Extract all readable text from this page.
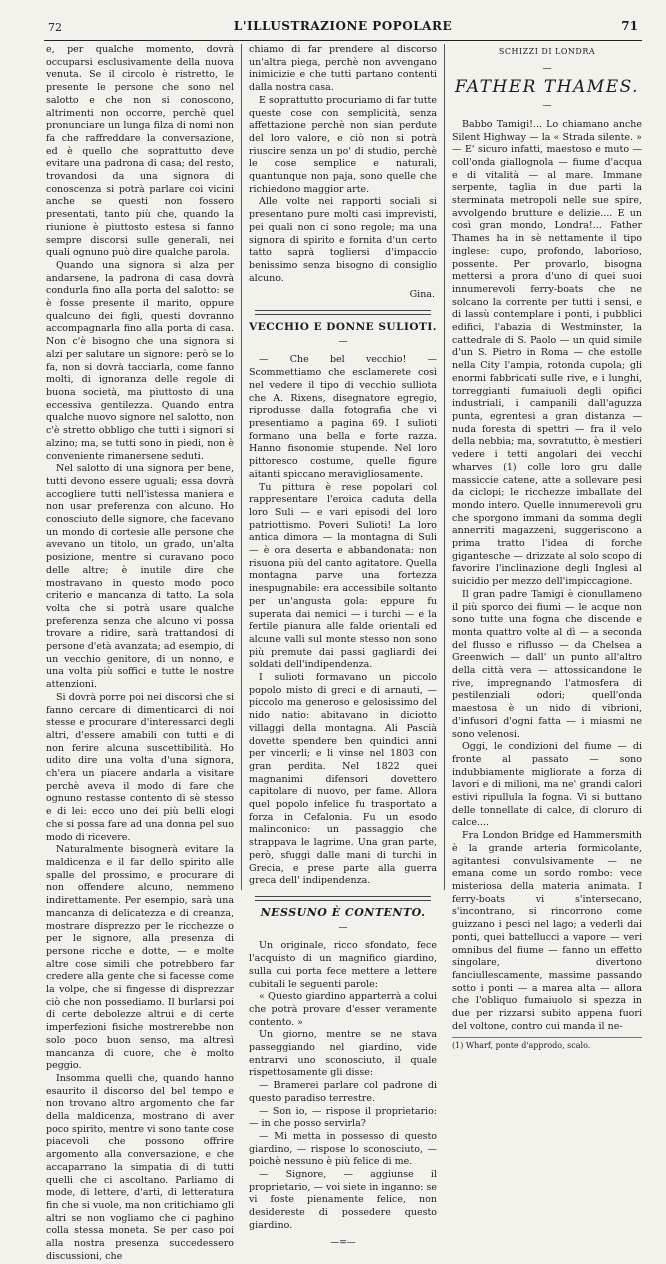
72	L'ILLUSTRAZIONE POPOLARE	71

e, per qualche momento, dovrà occuparsi esclusivamente della nuova venuta. Se il circolo è ristretto, le presente le persone che sono nel salotto e che non si conoscono, altrimenti non occorre, perchè quel pronunciare un lunga filza di nomi non fa che raffreddare la conversazione, ed è quello che soprattutto deve evitare una padrona di casa; del resto, trovandosi da una signora di conoscenza si potrà parlare coi vicini anche se questi non fossero presentati, tanto più che, quando la riunione è piuttosto estesa si fanno sempre discorsi sulle generali, nei quali ognuno può dire qualche parola.

Quando una signora si alza per andarsene, la padrona di casa dovrà condurla fino alla porta del salotto: se è fosse presente il marito, oppure qualcuno dei figli, questi dovranno accompagnarla fino alla porta di casa. Non c'è bisogno che una signora si alzi per salutare un signore: però se lo fa, non si dovrà tacciarla, come fanno molti, di ignoranza delle regole di buona società, ma piuttosto di una eccessiva gentilezza. Quando entra qualche nuovo signore nel salotto, non c'è stretto obbligo che tutti i signori si alzino; ma, se tutti sono in piedi, non è conveniente rimanersene seduti.

Nel salotto di una signora per bene, tutti devono essere uguali; essa dovrà accogliere tutti nell'istessa maniera e non usar preferenza con alcuno. Ho conosciuto delle signore, che facevano un mondo di cortesie alle persone che avevano un titolo, un grado, un'alta posizione, mentre si curavano poco delle altre; è inutile dire che mostravano in questo modo poco criterio e mancanza di tatto. La sola volta che si potrà usare qualche preferenza senza che alcuno vi possa trovare a ridire, sarà trattandosi di persone d'età avanzata; ad esempio, di un vecchio genitore, di un nonno, e una volta più soffici e tutte le nostre attenzioni.

Si dovrà porre poi nei discorsi che si fanno cercare di dimenticarci di noi stesse e procurare d'interessarci degli altri, d'essere amabili con tutti e di non ferire alcuna suscettibilità. Ho udito dire una volta d'una signora, ch'era un piacere andarla a visitare perchè aveva il modo di fare che ognuno restasse contento di sè stesso e di lei: ecco uno dei più belli elogi che si possa fare ad una donna pel suo modo di ricevere.

Naturalmente bisognerà evitare la maldicenza e il far dello spirito alle spalle del prossimo, e procurare di non offendere alcuno, nemmeno indirettamente. Per esempio, sarà una mancanza di delicatezza e di creanza, mostrare disprezzo per le ricchezze o per le signore, alla presenza di persone ricche e dotte, — e molte altre cose simili che potrebbero far credere alla gente che si facesse come la volpe, che si fingesse di disprezzar ciò che non possediamo. Il burlarsi poi di certe debolezze altrui e di certe imperfezioni fisiche mostrerebbe non solo poco buon senso, ma altresì mancanza di cuore, che è molto peggio.

Insomma quelli che, quando hanno esaurito il discorso del bel tempo e non trovano altro argomento che far della maldicenza, mostrano di aver poco spirito, mentre vi sono tante cose piacevoli che possono offrire argomento alla conversazione, e che accaparrano la simpatia di di tutti quelli che ci ascoltano. Parliamo di mode, di lettere, d'arti, di letteratura fin che si vuole, ma non critichiamo gli altri se non vogliamo che ci paghino colla stessa moneta. Se per caso poi alla nostra presenza succedessero discussioni, che

chiamo di far prendere al discorso un'altra piega, perchè non avvengano inimicizie e che tutti partano contenti dalla nostra casa.

E soprattutto procuriamo di far tutte queste cose con semplicità, senza affettazione perchè non sian perdute del loro valore, e ciò non si potrà riuscire senza un po' di studio, perchè le cose semplice e naturali, quantunque non paja, sono quelle che richiedono maggior arte.

Alle volte nei rapporti sociali si presentano pure molti casi imprevisti, pei quali non ci sono regole; ma una signora di spirito e fornita d'un certo tatto saprà togliersi d'impaccio benissimo senza bisogno di consiglio alcuno.

Gina.
VECCHIO E DONNE SULIOTI.
—

— Che bel vecchio! — Scommettiamo che esclamerete così nel vedere il tipo di vecchio sulliota che A. Rixens, disegnatore egregio, riprodusse dalla fotografia che vi presentiamo a pagina 69. I sulioti formano una bella e forte razza. Hanno fisonomie stupende. Nel loro pittoresco costume, quelle figure aitanti spiccano meravigliosamente.

Tu pittura è rese popolari col rappresentare l'eroica caduta della loro Suli — e vari episodi del loro patriottismo. Poveri Sulioti! La loro antica dimora — la montagna di Suli — è ora deserta e abbandonata: non risuona più del canto agitatore. Quella montagna parve una fortezza inespugnabile: era accessibile soltanto per un'angusta gola: eppure fu superata dai nemici — i turchi — e la fertile pianura alle falde orientali ed alcune valli sul monte stesso non sono più premute dai passi gagliardi dei soldati dell'indipendenza.

I sulioti formavano un piccolo popolo misto di greci e di arnauti, — piccolo ma generoso e gelosissimo del nido natio: abitavano in diciotto villaggi della montagna. Ali Pascià dovette spendere ben quindici anni per vincerli; e li vinse nel 1803 con gran perdita. Nel 1822 quei magnanimi difensori dovettero capitolare di nuovo, per fame. Allora quel popolo infelice fu trasportato a forza in Cefalonia. Fu un esodo malinconico: un passaggio che strappava le lagrime. Una gran parte, però, sfuggì dalle mani di turchi in Grecia, e prese parte alla guerra greca dell' indipendenza.

NESSUNO È CONTENTO.
—

Un originale, ricco sfondato, fece l'acquisto di un magnifico giardino, sulla cui porta fece mettere a lettere cubitali le seguenti parole:

« Questo giardino apparterrà a colui che potrà provare d'esser veramente contento. »

Un giorno, mentre se ne stava passeggiando nel giardino, vide entrarvi uno sconosciuto, il quale rispettosamente gli disse:

— Bramerei parlare col padrone di questo paradiso terrestre.

— Son io, — rispose il proprietario: — in che posso servirla?

— Mi metta in possesso di questo giardino, — rispose lo sconosciuto, — poichè nessuno è più felice di me.

— Signore, — aggiunse il proprietario, — voi siete in inganno: se vi foste pienamente felice, non desidereste di possedere questo giardino.

—=—
SCHIZZI DI LONDRA
—
FATHER THAMES.
—

Babbo Tamigi!... Lo chiamano anche Silent Highway — la « Strada silente. » — E' sicuro infatti, maestoso e muto — coll'onda giallognola — fiume d'acqua e di vitalità — al mare. Immane serpente, taglia in due parti la sterminata metropoli nelle sue spire, avvolgendo brutture e delizie.... E un così gran mondo, Londra!... Father Thames ha in sè nettamente il tipo inglese: cupo, profondo, laborioso, possente. Per provarlo, bisogna mettersi a prora d'uno di quei suoi innumerevoli ferry-boats che ne solcano la corrente per tutti i sensi, e di lassù contemplare i ponti, i pubblici edifici, l'abazia di Westminster, la cattedrale di S. Paolo — un quid simile d'un S. Pietro in Roma — che estolle nella City l'ampia, rotonda cupola; gli enormi fabbricati sulle rive, e i lunghi, torreggianti fumaiuoli degli opifici industriali, i campanili dall'aguzza punta, egrentesi a gran distanza — nuda foresta di spettri — fra il velo della nebbia; ma, sovratutto, è mestieri vedere i tetti angolari dei vecchi wharves (1) colle loro gru dalle massiccie catene, atte a sollevare pesi da ciclopi; le ricchezze imballate del mondo intero. Quelle innumerevoli gru che sporgono immani da somma degli annerriti magazzeni, suggeriscono a prima tratto l'idea di forche gigantesche — drizzate al solo scopo di favorire l'inclinazione degli Inglesi al suicidio per mezzo dell'impiccagione.

Il gran padre Tamigi è cionullameno il più sporco dei fiumi — le acque non sono tutte una fogna che discende e monta quattro volte al dì — a seconda del flusso e riflusso — da Chelsea a Greenwich — dall' un punto all'altro della città vera — attossicandone le rive, impregnando l'atmosfera di pestilenziali odori; quell'onda maestosa è un nido di vibrioni, d'infusori d'ogni fatta — i miasmi ne sono velenosi.

Oggi, le condizioni del fiume — di fronte al passato — sono indubbiamente migliorate a forza di lavori e di milioni, ma ne' grandi calori estivi ripullula la fogna. Vi si buttano delle tonnellate di calce, di cloruro di calce....

Fra London Bridge ed Hammersmith è la grande arteria formicolante, agitantesi convulsivamente — ne emana come un sordo rombo: vece misteriosa della materia animata. I ferry-boats vi s'intersecano, s'incontrano, si rincorrono come guizzano i pesci nel lago; a vederli dai ponti, quei battellucci a vapore — veri omnibus del fiume — fanno un effetto singolare, divertono fanciullescamente, massime passando sotto i ponti — a marea alta — allora che l'obliquo fumaiuolo si spezza in due per rizzarsi subito appena fuori del voltone, contro cui manda il ne-

(1) Wharf, ponte d'approdo, scalo.
